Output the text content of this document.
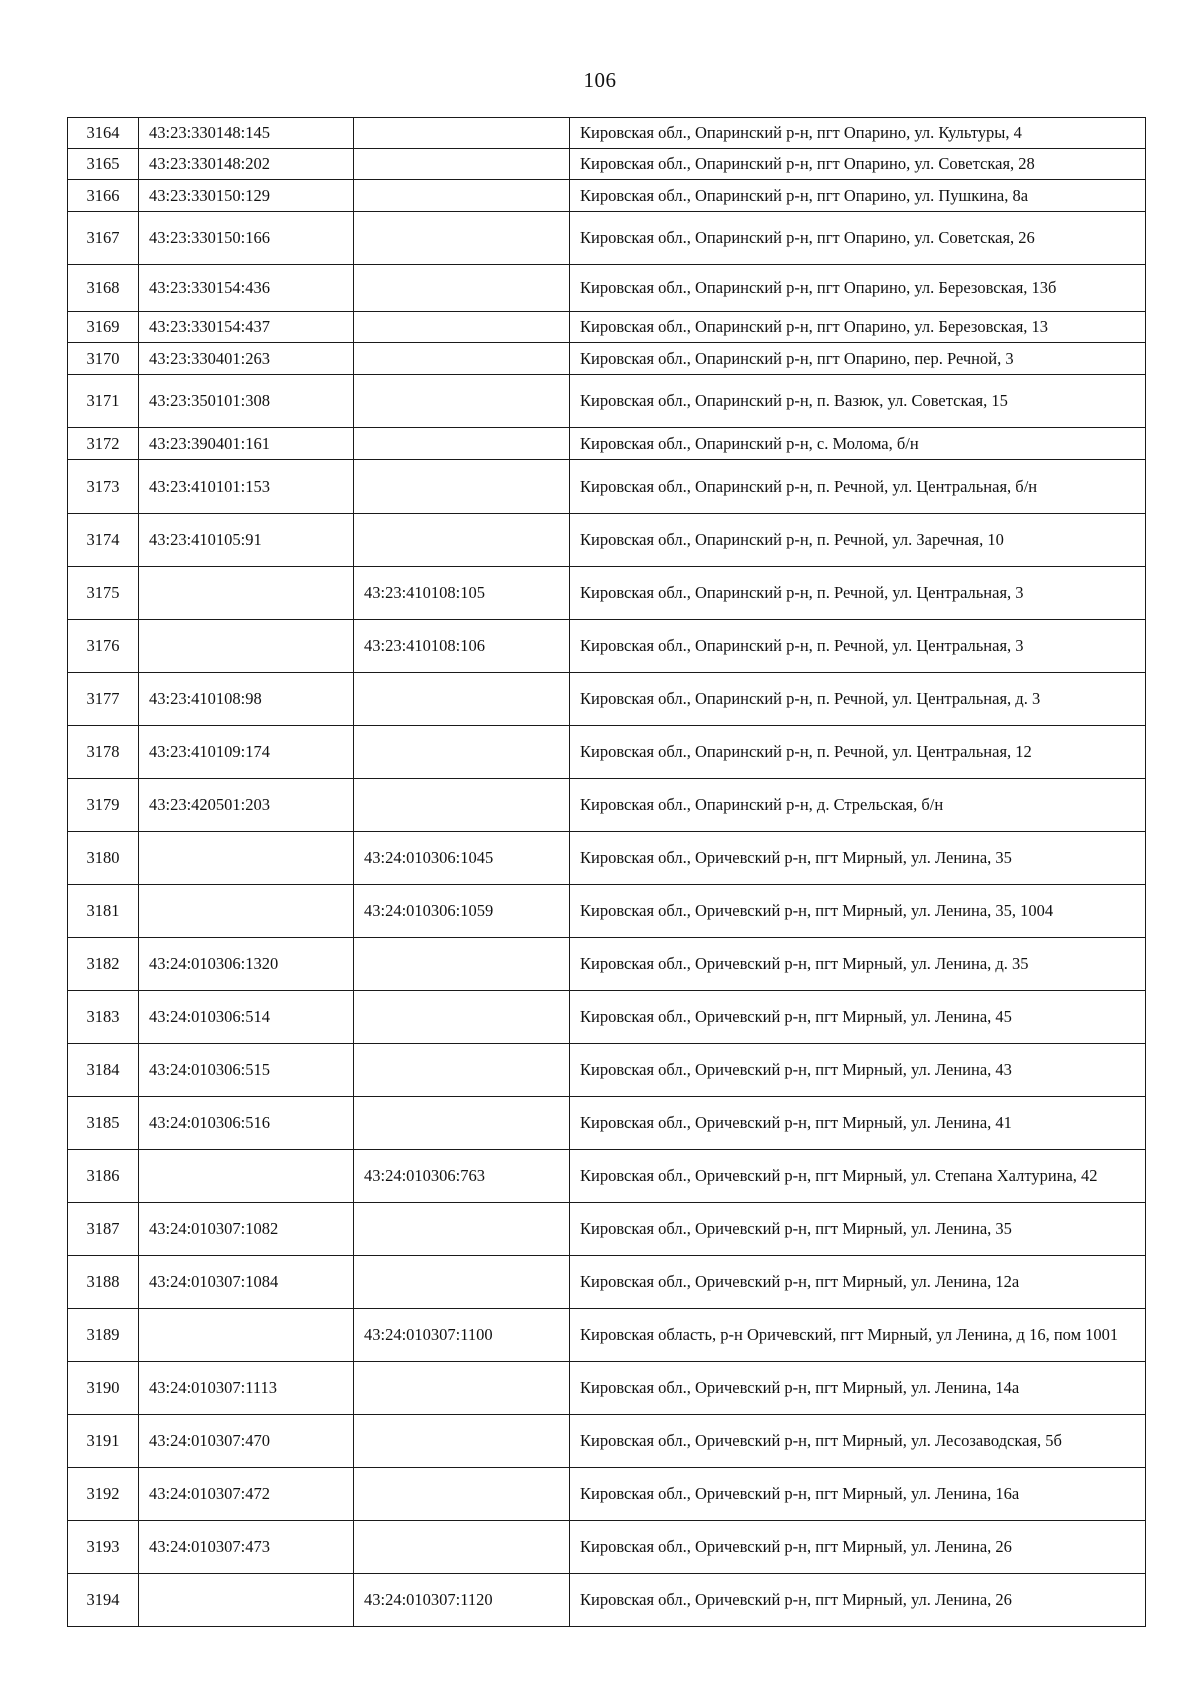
106
3164	43:23:330148:145		Кировская обл., Опаринский р-н, пгт Опарино, ул. Культуры, 4
3165	43:23:330148:202		Кировская обл., Опаринский р-н, пгт Опарино, ул. Советская, 28
3166	43:23:330150:129		Кировская обл., Опаринский р-н, пгт Опарино, ул. Пушкина, 8а
3167	43:23:330150:166		Кировская обл., Опаринский р-н, пгт Опарино, ул. Советская, 26
3168	43:23:330154:436		Кировская обл., Опаринский р-н, пгт Опарино, ул. Березовская, 13б
3169	43:23:330154:437		Кировская обл., Опаринский р-н, пгт Опарино, ул. Березовская, 13
3170	43:23:330401:263		Кировская обл., Опаринский р-н, пгт Опарино, пер. Речной, 3
3171	43:23:350101:308		Кировская обл., Опаринский р-н, п. Вазюк, ул. Советская, 15
3172	43:23:390401:161		Кировская обл., Опаринский р-н, с. Молома, б/н
3173	43:23:410101:153		Кировская обл., Опаринский р-н, п. Речной, ул. Центральная, б/н
3174	43:23:410105:91		Кировская обл., Опаринский р-н, п. Речной, ул. Заречная, 10
3175		43:23:410108:105	Кировская обл., Опаринский р-н, п. Речной, ул. Центральная, 3
3176		43:23:410108:106	Кировская обл., Опаринский р-н, п. Речной, ул. Центральная, 3
3177	43:23:410108:98		Кировская обл., Опаринский р-н, п. Речной, ул. Центральная, д. 3
3178	43:23:410109:174		Кировская обл., Опаринский р-н, п. Речной, ул. Центральная, 12
3179	43:23:420501:203		Кировская обл., Опаринский р-н, д. Стрельская, б/н
3180		43:24:010306:1045	Кировская обл., Оричевский р-н, пгт Мирный, ул. Ленина, 35
3181		43:24:010306:1059	Кировская обл., Оричевский р-н, пгт Мирный, ул. Ленина, 35, 1004
3182	43:24:010306:1320		Кировская обл., Оричевский р-н, пгт Мирный, ул. Ленина, д. 35
3183	43:24:010306:514		Кировская обл., Оричевский р-н, пгт Мирный, ул. Ленина, 45
3184	43:24:010306:515		Кировская обл., Оричевский р-н, пгт Мирный, ул. Ленина, 43
3185	43:24:010306:516		Кировская обл., Оричевский р-н, пгт Мирный, ул. Ленина, 41
3186		43:24:010306:763	Кировская обл., Оричевский р-н, пгт Мирный, ул. Степана Халтурина, 42
3187	43:24:010307:1082		Кировская обл., Оричевский р-н, пгт Мирный, ул. Ленина, 35
3188	43:24:010307:1084		Кировская обл., Оричевский р-н, пгт Мирный, ул. Ленина, 12а
3189		43:24:010307:1100	Кировская область, р-н Оричевский, пгт Мирный, ул Ленина, д 16, пом 1001
3190	43:24:010307:1113		Кировская обл., Оричевский р-н, пгт Мирный, ул. Ленина, 14а
3191	43:24:010307:470		Кировская обл., Оричевский р-н, пгт Мирный, ул. Лесозаводская, 5б
3192	43:24:010307:472		Кировская обл., Оричевский р-н, пгт Мирный, ул. Ленина, 16а
3193	43:24:010307:473		Кировская обл., Оричевский р-н, пгт Мирный, ул. Ленина, 26
3194		43:24:010307:1120	Кировская обл., Оричевский р-н, пгт Мирный, ул. Ленина, 26
